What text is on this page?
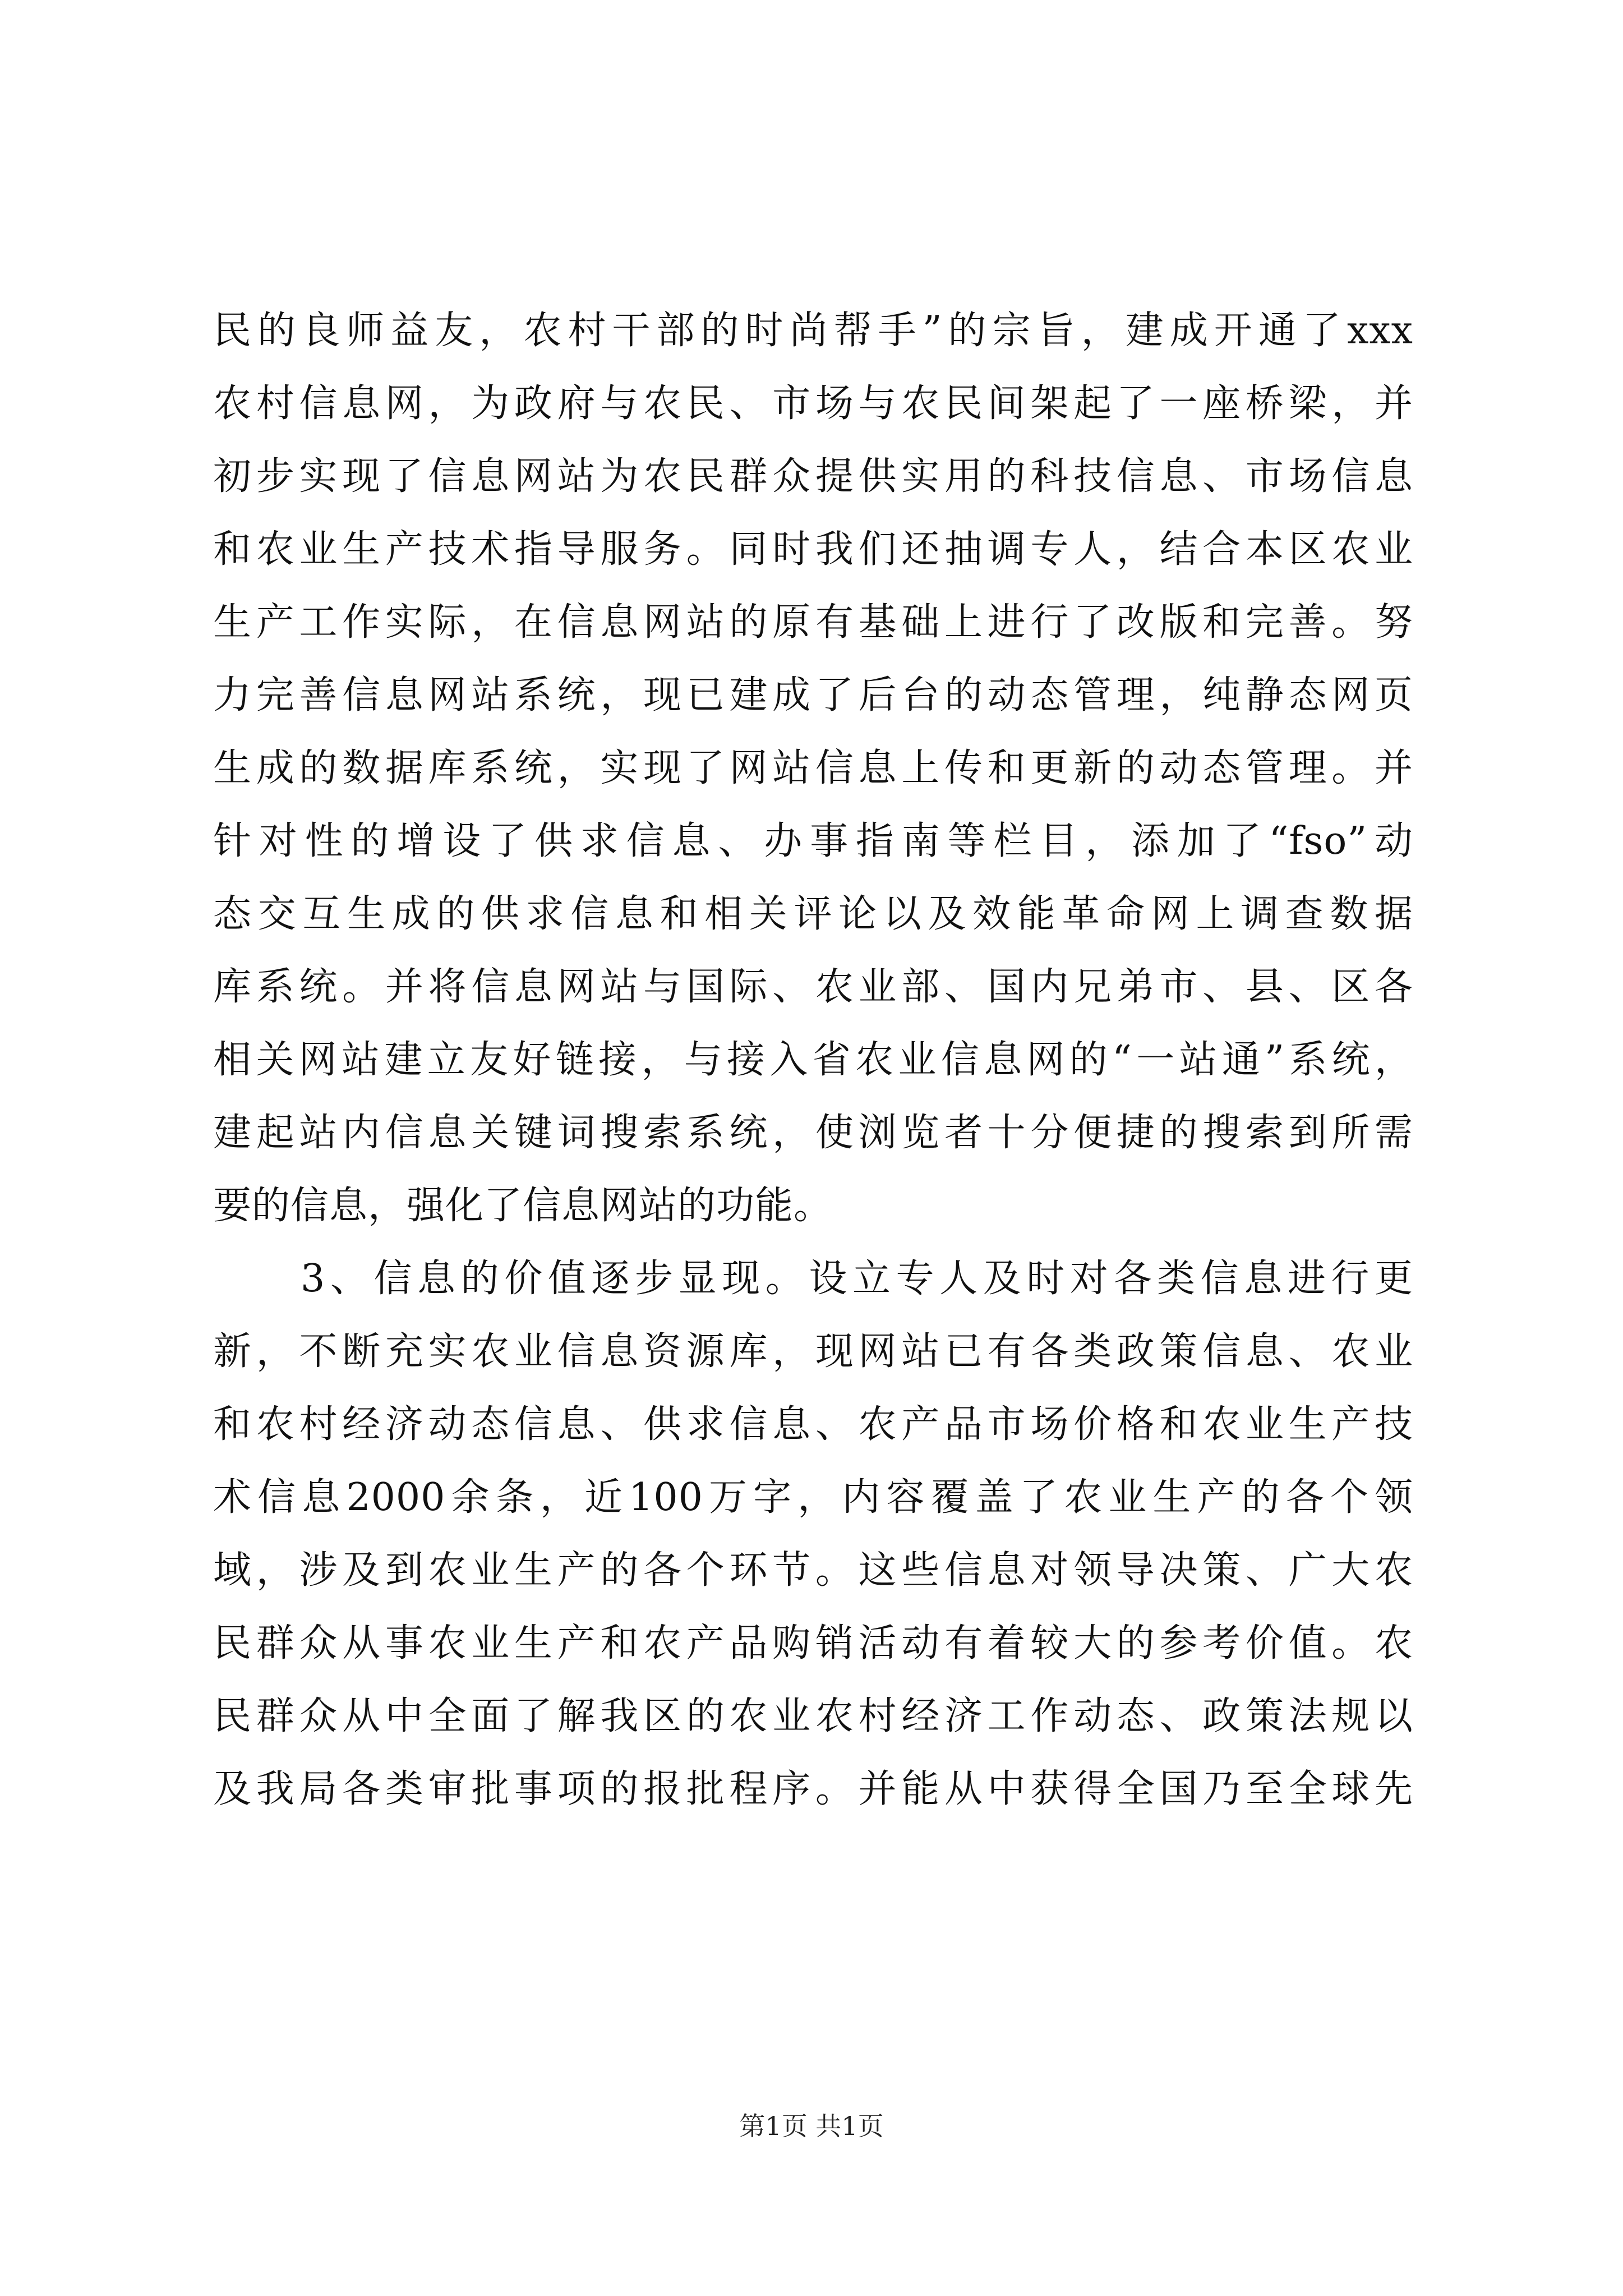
民的良师益友，农村干部的时尚帮手”的宗旨，建成开通了xxx
农村信息网，为政府与农民、市场与农民间架起了一座桥梁，并
初步实现了信息网站为农民群众提供实用的科技信息、市场信息
和农业生产技术指导服务。同时我们还抽调专人，结合本区农业
生产工作实际，在信息网站的原有基础上进行了改版和完善。努
力完善信息网站系统，现已建成了后台的动态管理，纯静态网页
生成的数据库系统，实现了网站信息上传和更新的动态管理。并
针对性的增设了供求信息、办事指南等栏目，添加了“fso”动
态交互生成的供求信息和相关评论以及效能革命网上调查数据
库系统。并将信息网站与国际、农业部、国内兄弟市、县、区各
相关网站建立友好链接，与接入省农业信息网的“一站通”系统，
建起站内信息关键词搜索系统，使浏览者十分便捷的搜索到所需
要的信息，强化了信息网站的功能。
3、信息的价值逐步显现。设立专人及时对各类信息进行更
新，不断充实农业信息资源库，现网站已有各类政策信息、农业
和农村经济动态信息、供求信息、农产品市场价格和农业生产技
术信息2000余条，近100万字，内容覆盖了农业生产的各个领
域，涉及到农业生产的各个环节。这些信息对领导决策、广大农
民群众从事农业生产和农产品购销活动有着较大的参考价值。农
民群众从中全面了解我区的农业农村经济工作动态、政策法规以
及我局各类审批事项的报批程序。并能从中获得全国乃至全球先
第1页 共1页
